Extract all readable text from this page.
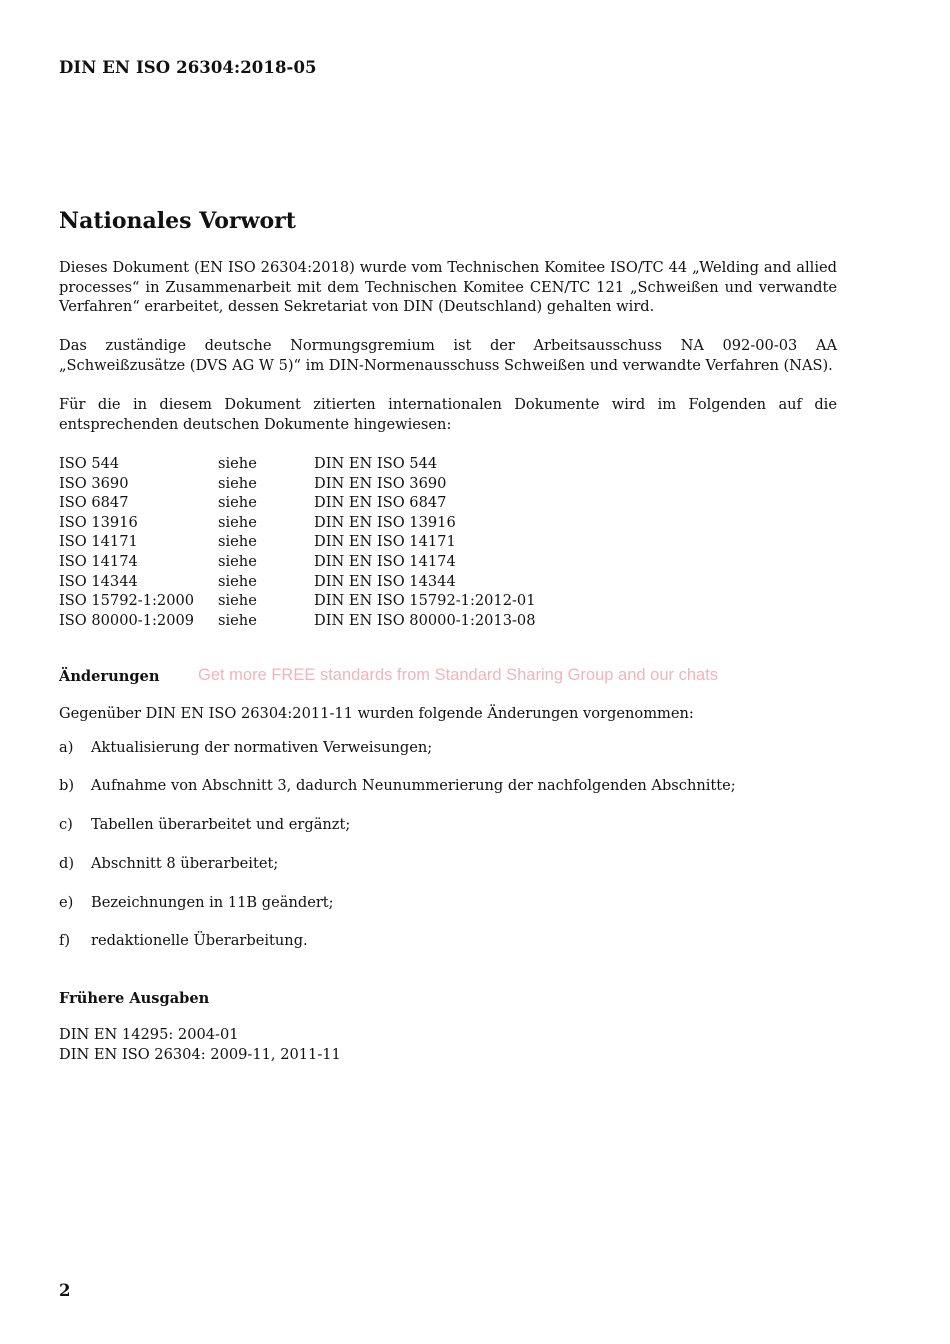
DIN EN ISO 26304:2018-05
Nationales Vorwort

Dieses Dokument (EN ISO 26304:2018) wurde vom Technischen Komitee ISO/TC 44 „Welding and allied processes“ in Zusammenarbeit mit dem Technischen Komitee CEN/TC 121 „Schweißen und verwandte Verfahren“ erarbeitet, dessen Sekretariat von DIN (Deutschland) gehalten wird.

Das zuständige deutsche Normungsgremium ist der Arbeitsausschuss NA 092-00-03 AA „Schweißzusätze (DVS AG W 5)“ im DIN-Normenausschuss Schweißen und verwandte Verfahren (NAS).

Für die in diesem Dokument zitierten internationalen Dokumente wird im Folgenden auf die entsprechenden deutschen Dokumente hingewiesen:

ISO 544	siehe	DIN EN ISO 544
ISO 3690	siehe	DIN EN ISO 3690
ISO 6847	siehe	DIN EN ISO 6847
ISO 13916	siehe	DIN EN ISO 13916
ISO 14171	siehe	DIN EN ISO 14171
ISO 14174	siehe	DIN EN ISO 14174
ISO 14344	siehe	DIN EN ISO 14344
ISO 15792-1:2000	siehe	DIN EN ISO 15792-1:2012-01
ISO 80000-1:2009	siehe	DIN EN ISO 80000-1:2013-08
Änderungen Get more FREE standards from Standard Sharing Group and our chats

Gegenüber DIN EN ISO 26304:2011-11 wurden folgende Änderungen vorgenommen:

a) Aktualisierung der normativen Verweisungen;
b) Aufnahme von Abschnitt 3, dadurch Neunummerierung der nachfolgenden Abschnitte;
c) Tabellen überarbeitet und ergänzt;
d) Abschnitt 8 überarbeitet;
e) Bezeichnungen in 11B geändert;
f) redaktionelle Überarbeitung.
Frühere Ausgaben
DIN EN 14295: 2004-01
DIN EN ISO 26304: 2009-11, 2011-11
2
